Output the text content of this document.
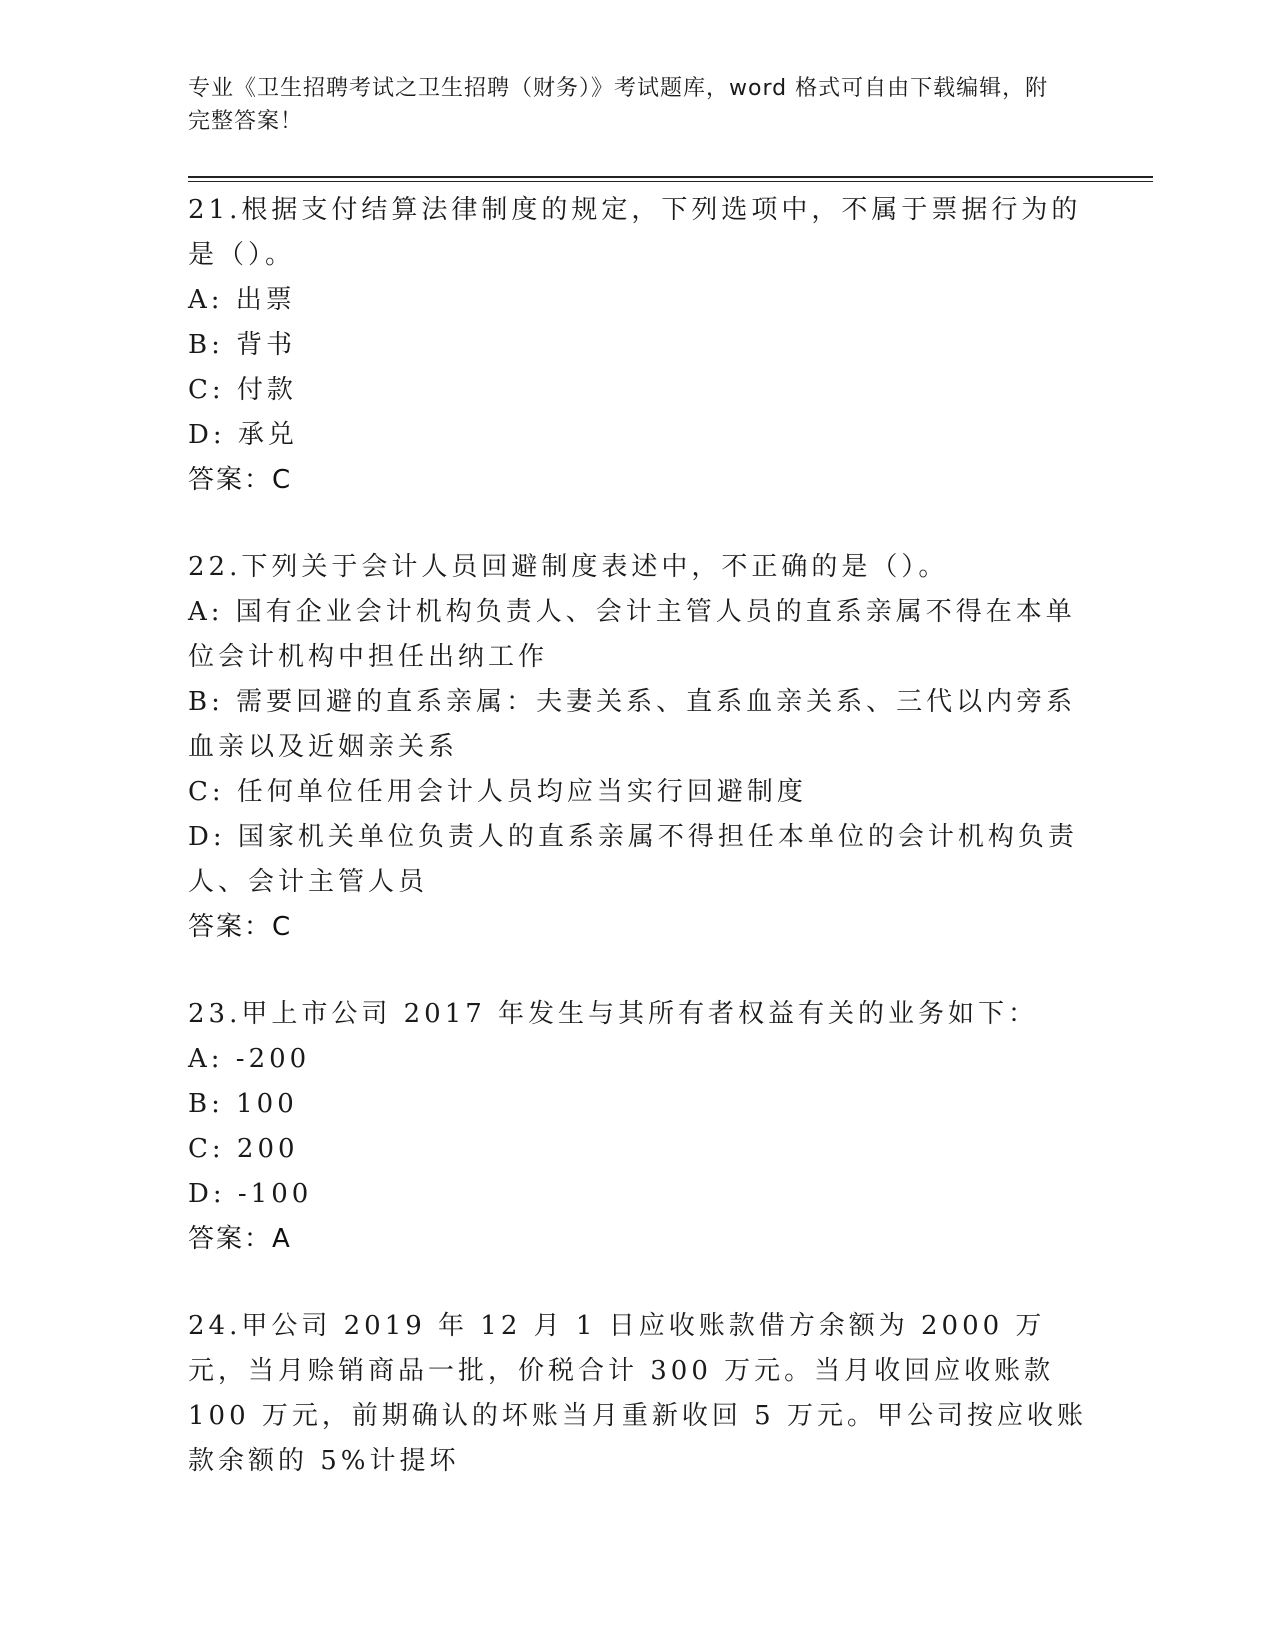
专业《卫生招聘考试之卫生招聘（财务）》考试题库，word 格式可自由下载编辑，附完整答案！
21.根据支付结算法律制度的规定，下列选项中，不属于票据行为的是（）。
A: 出票
B: 背书
C: 付款
D: 承兑
答案：C
22.下列关于会计人员回避制度表述中，不正确的是（）。
A: 国有企业会计机构负责人、会计主管人员的直系亲属不得在本单位会计机构中担任出纳工作
B: 需要回避的直系亲属：夫妻关系、直系血亲关系、三代以内旁系血亲以及近姻亲关系
C: 任何单位任用会计人员均应当实行回避制度
D: 国家机关单位负责人的直系亲属不得担任本单位的会计机构负责人、会计主管人员
答案：C
23.甲上市公司 2017 年发生与其所有者权益有关的业务如下：
A: -200
B: 100
C: 200
D: -100
答案：A
24.甲公司 2019 年 12 月 1 日应收账款借方余额为 2000 万元，当月赊销商品一批，价税合计 300 万元。当月收回应收账款 100 万元，前期确认的坏账当月重新收回 5 万元。甲公司按应收账款余额的 5%计提坏
